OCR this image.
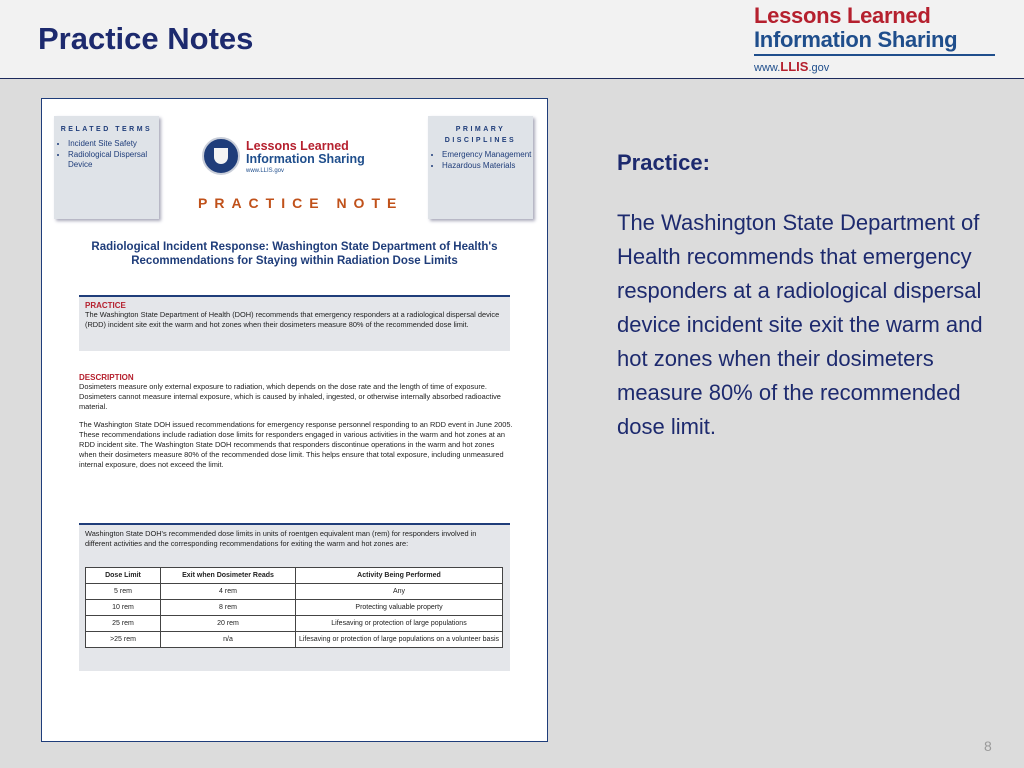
Practice Notes
Lessons Learned
Information Sharing
www.LLIS.gov
RELATED TERMS
• Incident Site Safety
• Radiological Dispersal Device
Lessons Learned
Information Sharing
www.LLIS.gov
PRACTICE NOTE
PRIMARY DISCIPLINES
• Emergency Management
• Hazardous Materials
Radiological Incident Response: Washington State Department of Health's Recommendations for Staying within Radiation Dose Limits
PRACTICE
The Washington State Department of Health (DOH) recommends that emergency responders at a radiological dispersal device (RDD) incident site exit the warm and hot zones when their dosimeters measure 80% of the recommended dose limit.
DESCRIPTION
Dosimeters measure only external exposure to radiation, which depends on the dose rate and the length of time of exposure. Dosimeters cannot measure internal exposure, which is caused by inhaled, ingested, or otherwise internally absorbed radioactive material.
The Washington State DOH issued recommendations for emergency response personnel responding to an RDD event in June 2005. These recommendations include radiation dose limits for responders engaged in various activities in the warm and hot zones at an RDD incident site. The Washington State DOH recommends that responders discontinue operations in the warm and hot zones when their dosimeters measure 80% of the recommended dose limit. This helps ensure that total exposure, including unmeasured internal exposure, does not exceed the limit.
Washington State DOH's recommended dose limits in units of roentgen equivalent man (rem) for responders involved in different activities and the corresponding recommendations for exiting the warm and hot zones are:
Dose Limit	Exit when Dosimeter Reads	Activity Being Performed
5 rem	4 rem	Any
10 rem	8 rem	Protecting valuable property
25 rem	20 rem	Lifesaving or protection of large populations
>25 rem	n/a	Lifesaving or protection of large populations on a volunteer basis
Practice:
The Washington State Department of Health recommends that emergency responders at a radiological dispersal device incident site exit the warm and hot zones when their dosimeters measure 80% of the recommended dose limit.
8
